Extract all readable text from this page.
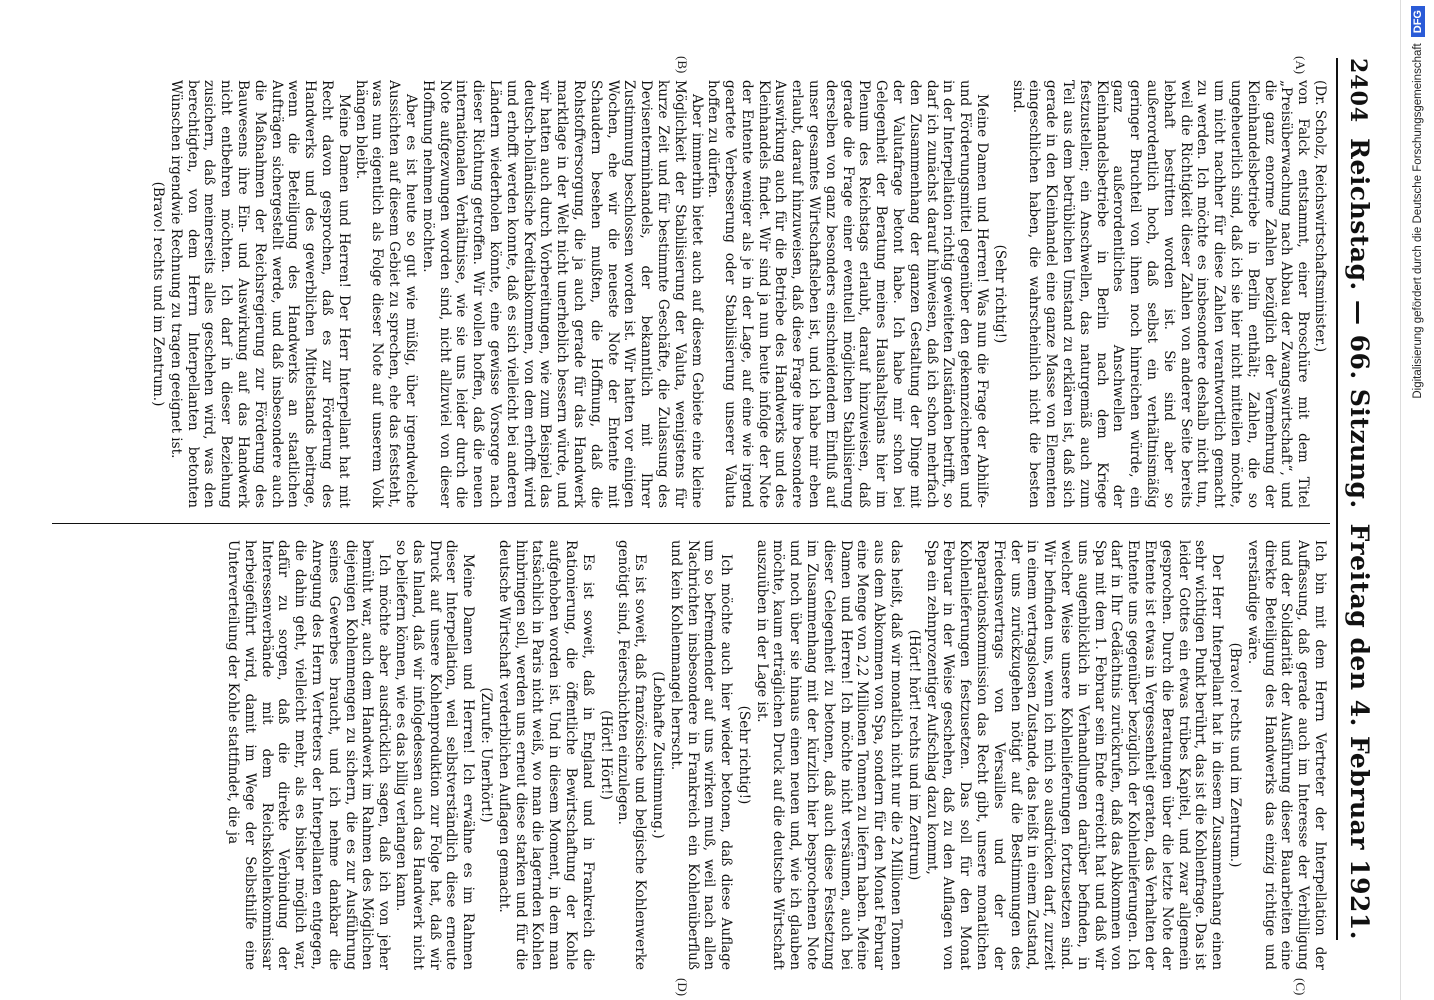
2404
Reichstag. — 66. Sitzung.
Freitag den 4. Februar 1921.
(A)
(B)
(C)
(D)

(Dr. Scholz, Reichswirtschaftsminister.)

von Falck entstammt, einer Broschüre mit dem Titel „Preisüberwachung nach Abbau der Zwangswirtschaft“, und die ganz enorme Zahlen bezüglich der Vermehrung der Kleinhandelsbetriebe in Berlin enthält; Zahlen, die so ungeheuerlich sind, daß ich sie hier nicht mitteilen möchte, um nicht nachher für diese Zahlen verantwortlich gemacht zu werden. Ich möchte es insbesondere deshalb nicht tun, weil die Richtigkeit dieser Zahlen von anderer Seite bereits lebhaft bestritten worden ist. Sie sind aber so außerordentlich hoch, daß selbst ein verhältnismäßig geringer Bruchteil von ihnen noch hinreichen würde, ein ganz außerordentliches Anschwellen der Kleinhandelsbetriebe in Berlin nach dem Kriege festzustellen; ein Anschwellen, das naturgemäß auch zum Teil aus dem betrüblichen Umstand zu erklären ist, daß sich gerade in den Kleinhandel eine ganze Masse von Elementen eingeschlichen haben, die wahrscheinlich nicht die besten sind.

(Sehr richtig!)

Meine Damen und Herren! Was nun die Frage der Abhilfe- und Förderungsmittel gegenüber den gekennzeichneten und in der Interpellation richtig geweiteten Zuständen betrifft, so darf ich zunächst darauf hinweisen, daß ich schon mehrfach den Zusammenhang der ganzen Gestaltung der Dinge mit der Valutafrage betont habe. Ich habe mir schon bei Gelegenheit der Beratung meines Haushaltsplans hier im Plenum des Reichstags erlaubt, darauf hinzuweisen, daß gerade die Frage einer eventuell möglichen Stabilisierung derselben von ganz besonders einschneidendem Einfluß auf unser gesamtes Wirtschaftsleben ist, und ich habe mir eben erlaubt, darauf hinzuweisen, daß diese Frage ihre besondere Auswirkung auch für die Betriebe des Handwerks und des Kleinhandels findet. Wir sind ja nun heute infolge der Note der Entente weniger als je in der Lage, auf eine wie irgend geartete Verbesserung oder Stabilisierung unserer Valuta hoffen zu dürfen.

Aber immerhin bietet auch auf diesem Gebiete eine kleine Möglichkeit der Stabilisierung der Valuta, wenigstens für kurze Zeit und für bestimmte Geschäfte, die Zulassung des Devisenterminhandels, der bekanntlich mit Ihrer Zustimmung beschlossen worden ist. Wir hatten vor einigen Wochen, ehe wir die neueste Note der Entente mit Schaudern besehen mußten, die Hoffnung, daß die Rohstoffversorgung, die ja auch gerade für das Handwerk marktlage in der Welt nicht unerheblich bessern würde, und wir hatten auch durch Vorbereitungen, wie zum Beispiel das deutsch-holländische Kreditabkommen, von dem erhofft wird und erhofft werden konnte, daß es sich vielleicht bei anderen Ländern wiederholen könnte, eine gewisse Vorsorge nach dieser Richtung getroffen. Wir wollen hoffen, daß die neuen internationalen Verhältnisse, wie sie uns leider durch die Note aufgezwungen worden sind, nicht allzuviel von dieser Hoffnung nehmen möchten.

Aber es ist heute so gut wie müßig, über irgendwelche Aussichten auf diesem Gebiet zu sprechen, ehe das feststeht, was nun eigentlich als Folge dieser Note auf unserem Volk hängen bleibt.

Meine Damen und Herren! Der Herr Interpellant hat mit Recht davon gesprochen, daß es zur Förderung des Handwerks und des gewerblichen Mittelstands beitrage, wenn die Beteiligung des Handwerks an staatlichen Aufträgen sichergestellt werde, und daß insbesondere auch die Maßnahmen der Reichsregierung zur Förderung des Bauwesens ihre Ein- und Auswirkung auf das Handwerk nicht entbehren möchten. Ich darf in dieser Beziehung zusichern, daß meinerseits alles geschehen wird, was den berechtigten, von dem Herrn Interpellanten betonten Wünschen irgendwie Rechnung zu tragen geeignet ist.

(Bravo! rechts und im Zentrum.)

Ich bin mit dem Herrn Vertreter der Interpellation der Auffassung, daß gerade auch im Interesse der Verbilligung und der Solidarität der Ausführung dieser Bauarbeiten eine direkte Beteiligung des Handwerks das einzig richtige und verständige wäre.

(Bravo! rechts und im Zentrum.)

Der Herr Interpellant hat in diesem Zusammenhang einen sehr wichtigen Punkt berührt, das ist die Kohlenfrage. Das ist leider Gottes ein etwas trübes Kapitel, und zwar allgemein gesprochen. Durch die Beratungen über die letzte Note der Entente ist etwas in Vergessenheit geraten, das Verhalten der Entente uns gegenüber bezüglich der Kohlenlieferungen. Ich darf in Ihr Gedächtnis zurückrufen, daß das Abkommen von Spa mit dem 1. Februar sein Ende erreicht hat und daß wir uns augenblicklich in Verhandlungen darüber befinden, in welcher Weise unsere Kohlenlieferungen fortzusetzen sind. Wir befinden uns, wenn ich mich so ausdrücken darf, zurzeit in einem vertragslosen Zustande, das heißt in einem Zustand, der uns zurückzugehen nötigt auf die Bestimmungen des Friedensvertrags von Versailles und der der Reparationskommission das Recht gibt, unsere monatlichen Kohlenlieferungen festzusetzen. Das soll für den Monat Februar in der Weise geschehen, daß zu den Auflagen von Spa ein zehnprozentiger Aufschlag dazu kommt,

(Hört! hört! rechts und im Zentrum)

das heißt, daß wir monatlich nicht nur die 2 Millionen Tonnen aus dem Abkommen von Spa, sondern für den Monat Februar eine Menge von 2,2 Millionen Tonnen zu liefern haben. Meine Damen und Herren! Ich möchte nicht versäumen, auch bei dieser Gelegenheit zu betonen, daß auch diese Festsetzung im Zusammenhang mit der kürzlich hier besprochenen Note und noch über sie hinaus einen neuen und, wie ich glauben möchte, kaum erträglichen Druck auf die deutsche Wirtschaft auszuüben in der Lage ist.

(Sehr richtig!)

Ich möchte auch hier wieder betonen, daß diese Auflage um so befremdender auf uns wirken muß, weil nach allen Nachrichten insbesondere in Frankreich ein Kohlenüberfluß und kein Kohlenmangel herrscht.

(Lebhafte Zustimmung.)

Es ist soweit, daß französische und belgische Kohlenwerke genötigt sind, Feierschichten einzulegen.

(Hört! Hört!)

Es ist soweit, daß in England und in Frankreich die Rationierung, die öffentliche Bewirtschaftung der Kohle aufgehoben worden ist. Und in diesem Moment, in dem man tatsächlich in Paris nicht weiß, wo man die lagernden Kohlen hinbringen soll, werden uns erneut diese starken und für die deutsche Wirtschaft verderblichen Auflagen gemacht.

(Zurufe: Unerhört!)

Meine Damen und Herren! Ich erwähne es im Rahmen dieser Interpellation, weil selbstverständlich diese erneute Druck auf unsere Kohlenproduktion zur Folge hat, daß wir das Inland, daß wir infolgedessen auch das Handwerk nicht so beliefern können, wie es das billig verlangen kann.

Ich möchte aber ausdrücklich sagen, daß ich von jeher bemüht war, auch dem Handwerk im Rahmen des Möglichen diejenigen Kohlenmengen zu sichern, die es zur Ausführung seines Gewerbes braucht, und ich nehme dankbar die Anregung des Herrn Vertreters der Interpellanten entgegen, die dahin geht, vielleicht mehr, als es bisher möglich war, dafür zu sorgen, daß die direkte Verbindung der Interessenverbände mit dem Reichskohlenkommissar herbeigeführt wird, damit im Wege der Selbsthilfe eine Unterverteilung der Kohle stattfindet, die ja

Digitalisierung gefördert durch die Deutsche Forschungsgemeinschaft
DFG
